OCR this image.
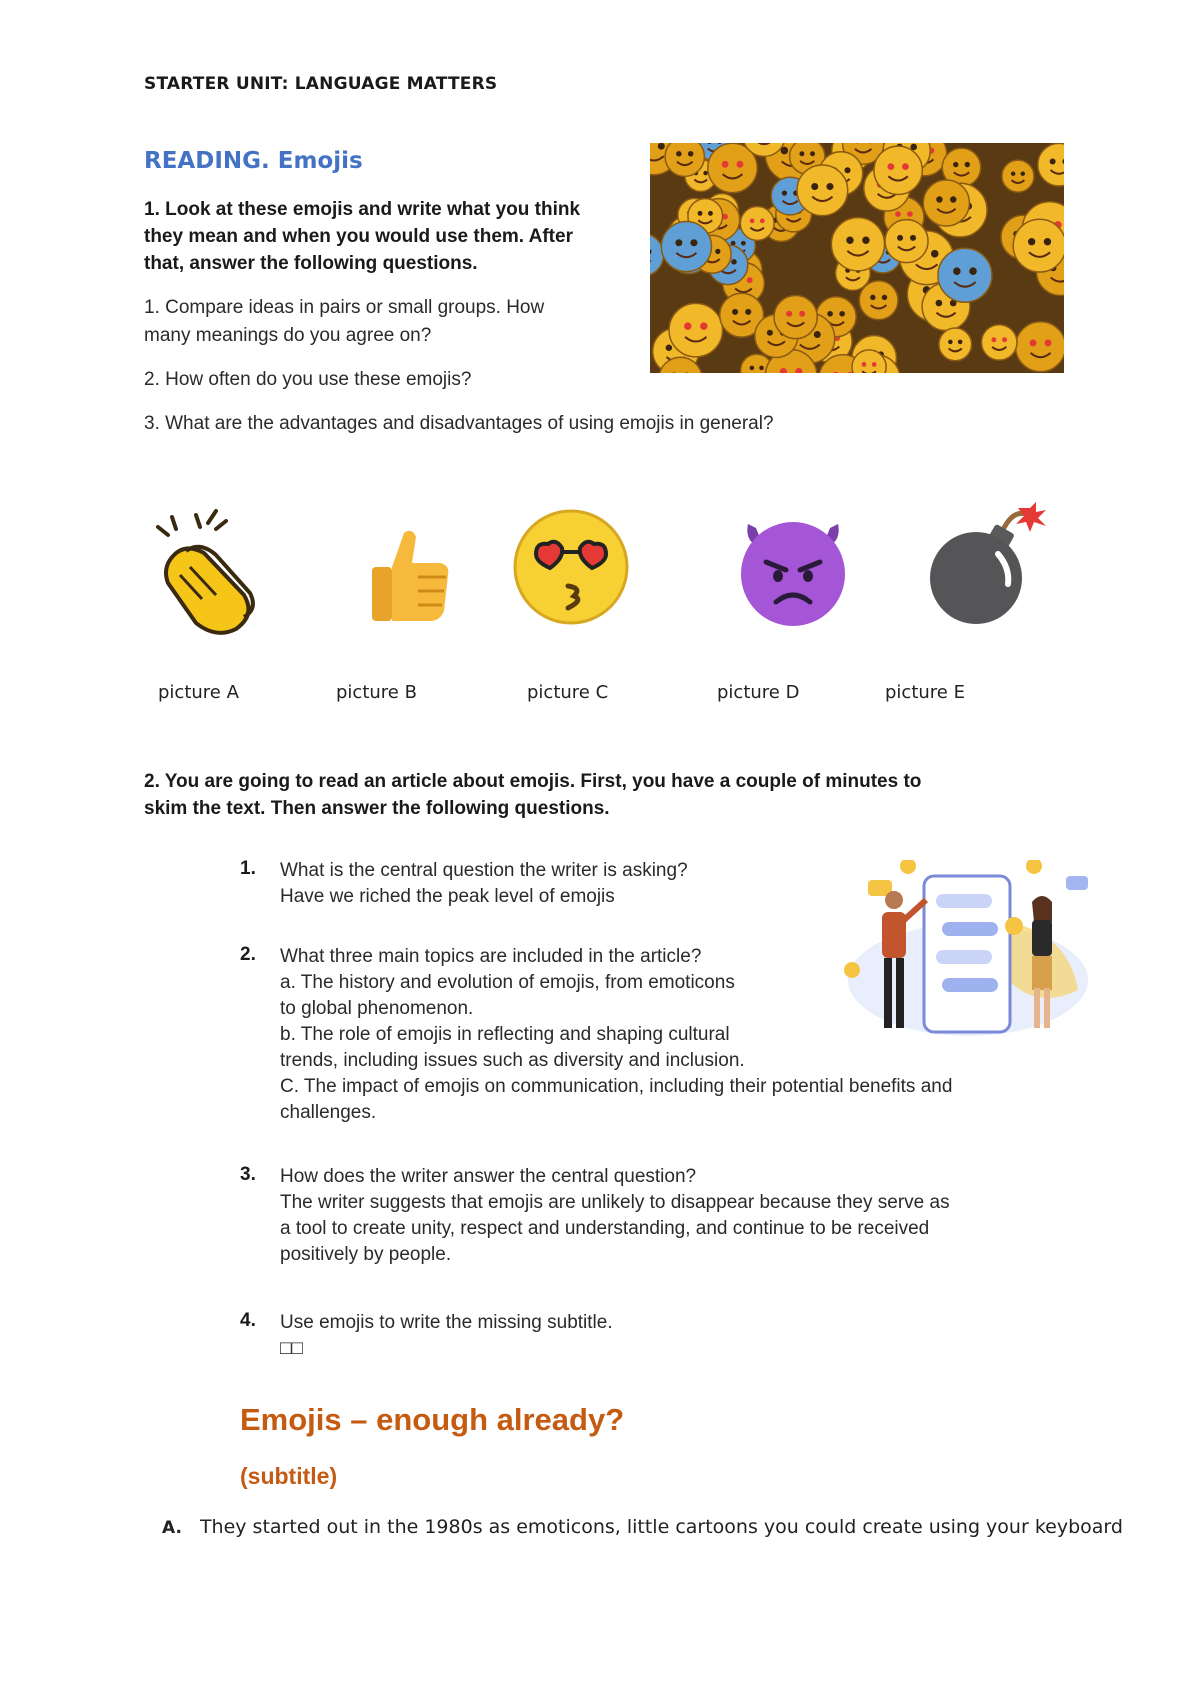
STARTER UNIT: LANGUAGE MATTERS
READING. Emojis
1. Look at these emojis and write what you think
they mean and when you would use them. After
that, answer the following questions.
1. Compare ideas in pairs or small groups. How
many meanings do you agree on?
2. How often do you use these emojis?
3. What are the advantages and disadvantages of using emojis in general?
picture A	picture B	picture C	picture D	picture E
2. You are going to read an article about emojis. First, you have a couple of minutes to
skim the text. Then answer the following questions.
1. What is the central question the writer is asking?
Have we riched the peak level of emojis
2. What three main topics are included in the article?
a. The history and evolution of emojis, from emoticons
to global phenomenon.
b. The role of emojis in reflecting and shaping cultural
trends, including issues such as diversity and inclusion.
C. The impact of emojis on communication, including their potential benefits and
challenges.
3. How does the writer answer the central question?
The writer suggests that emojis are unlikely to disappear because they serve as
a tool to create unity, respect and understanding, and continue to be received
positively by people.
4. Use emojis to write the missing subtitle.
□□
Emojis – enough already?
(subtitle)
A. They started out in the 1980s as emoticons, little cartoons you could create using your keyboard
